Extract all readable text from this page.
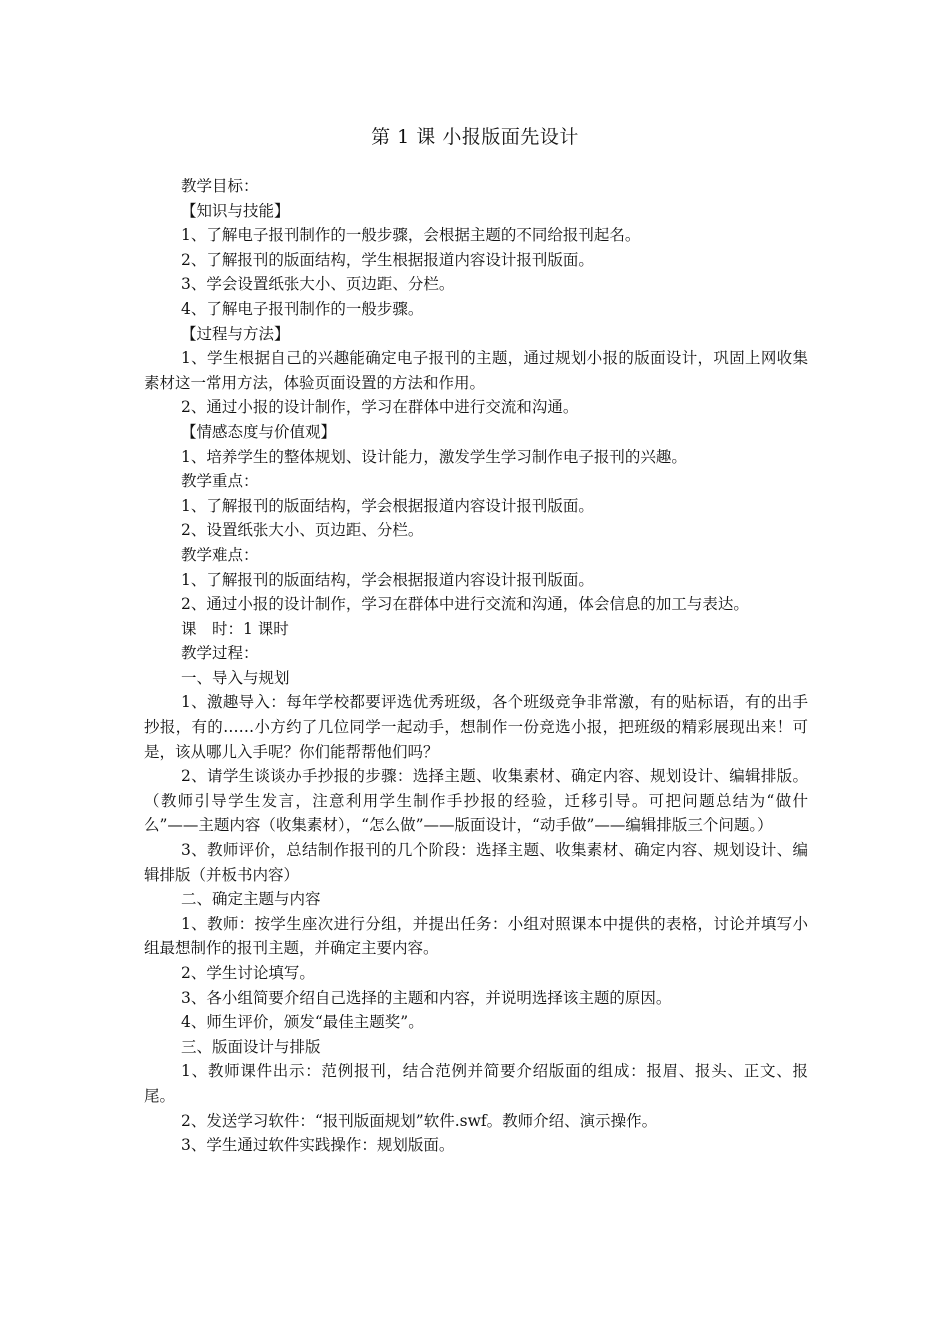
第 1 课 小报版面先设计

教学目标：

【知识与技能】

1、了解电子报刊制作的一般步骤，会根据主题的不同给报刊起名。

2、了解报刊的版面结构，学生根据报道内容设计报刊版面。

3、学会设置纸张大小、页边距、分栏。

4、了解电子报刊制作的一般步骤。

【过程与方法】

1、学生根据自己的兴趣能确定电子报刊的主题，通过规划小报的版面设计，巩固上网收集素材这一常用方法，体验页面设置的方法和作用。

2、通过小报的设计制作，学习在群体中进行交流和沟通。

【情感态度与价值观】

1、培养学生的整体规划、设计能力，激发学生学习制作电子报刊的兴趣。

教学重点：

1、了解报刊的版面结构，学会根据报道内容设计报刊版面。

2、设置纸张大小、页边距、分栏。

教学难点：

1、了解报刊的版面结构，学会根据报道内容设计报刊版面。

2、通过小报的设计制作，学习在群体中进行交流和沟通，体会信息的加工与表达。

课　时：1 课时

教学过程：

一、导入与规划

1、激趣导入：每年学校都要评选优秀班级，各个班级竞争非常激，有的贴标语，有的出手抄报，有的……小方约了几位同学一起动手，想制作一份竞选小报，把班级的精彩展现出来！可是，该从哪儿入手呢？你们能帮帮他们吗？

2、请学生谈谈办手抄报的步骤：选择主题、收集素材、确定内容、规划设计、编辑排版。（教师引导学生发言，注意利用学生制作手抄报的经验，迁移引导。可把问题总结为“做什么”——主题内容（收集素材），“怎么做”——版面设计，“动手做”——编辑排版三个问题。）

3、教师评价，总结制作报刊的几个阶段：选择主题、收集素材、确定内容、规划设计、编辑排版（并板书内容）

二、确定主题与内容

1、教师：按学生座次进行分组，并提出任务：小组对照课本中提供的表格，讨论并填写小组最想制作的报刊主题，并确定主要内容。

2、学生讨论填写。

3、各小组简要介绍自己选择的主题和内容，并说明选择该主题的原因。

4、师生评价，颁发“最佳主题奖”。

三、版面设计与排版

1、教师课件出示：范例报刊，结合范例并简要介绍版面的组成：报眉、报头、正文、报尾。

2、发送学习软件：“报刊版面规划”软件.swf。教师介绍、演示操作。

3、学生通过软件实践操作：规划版面。
